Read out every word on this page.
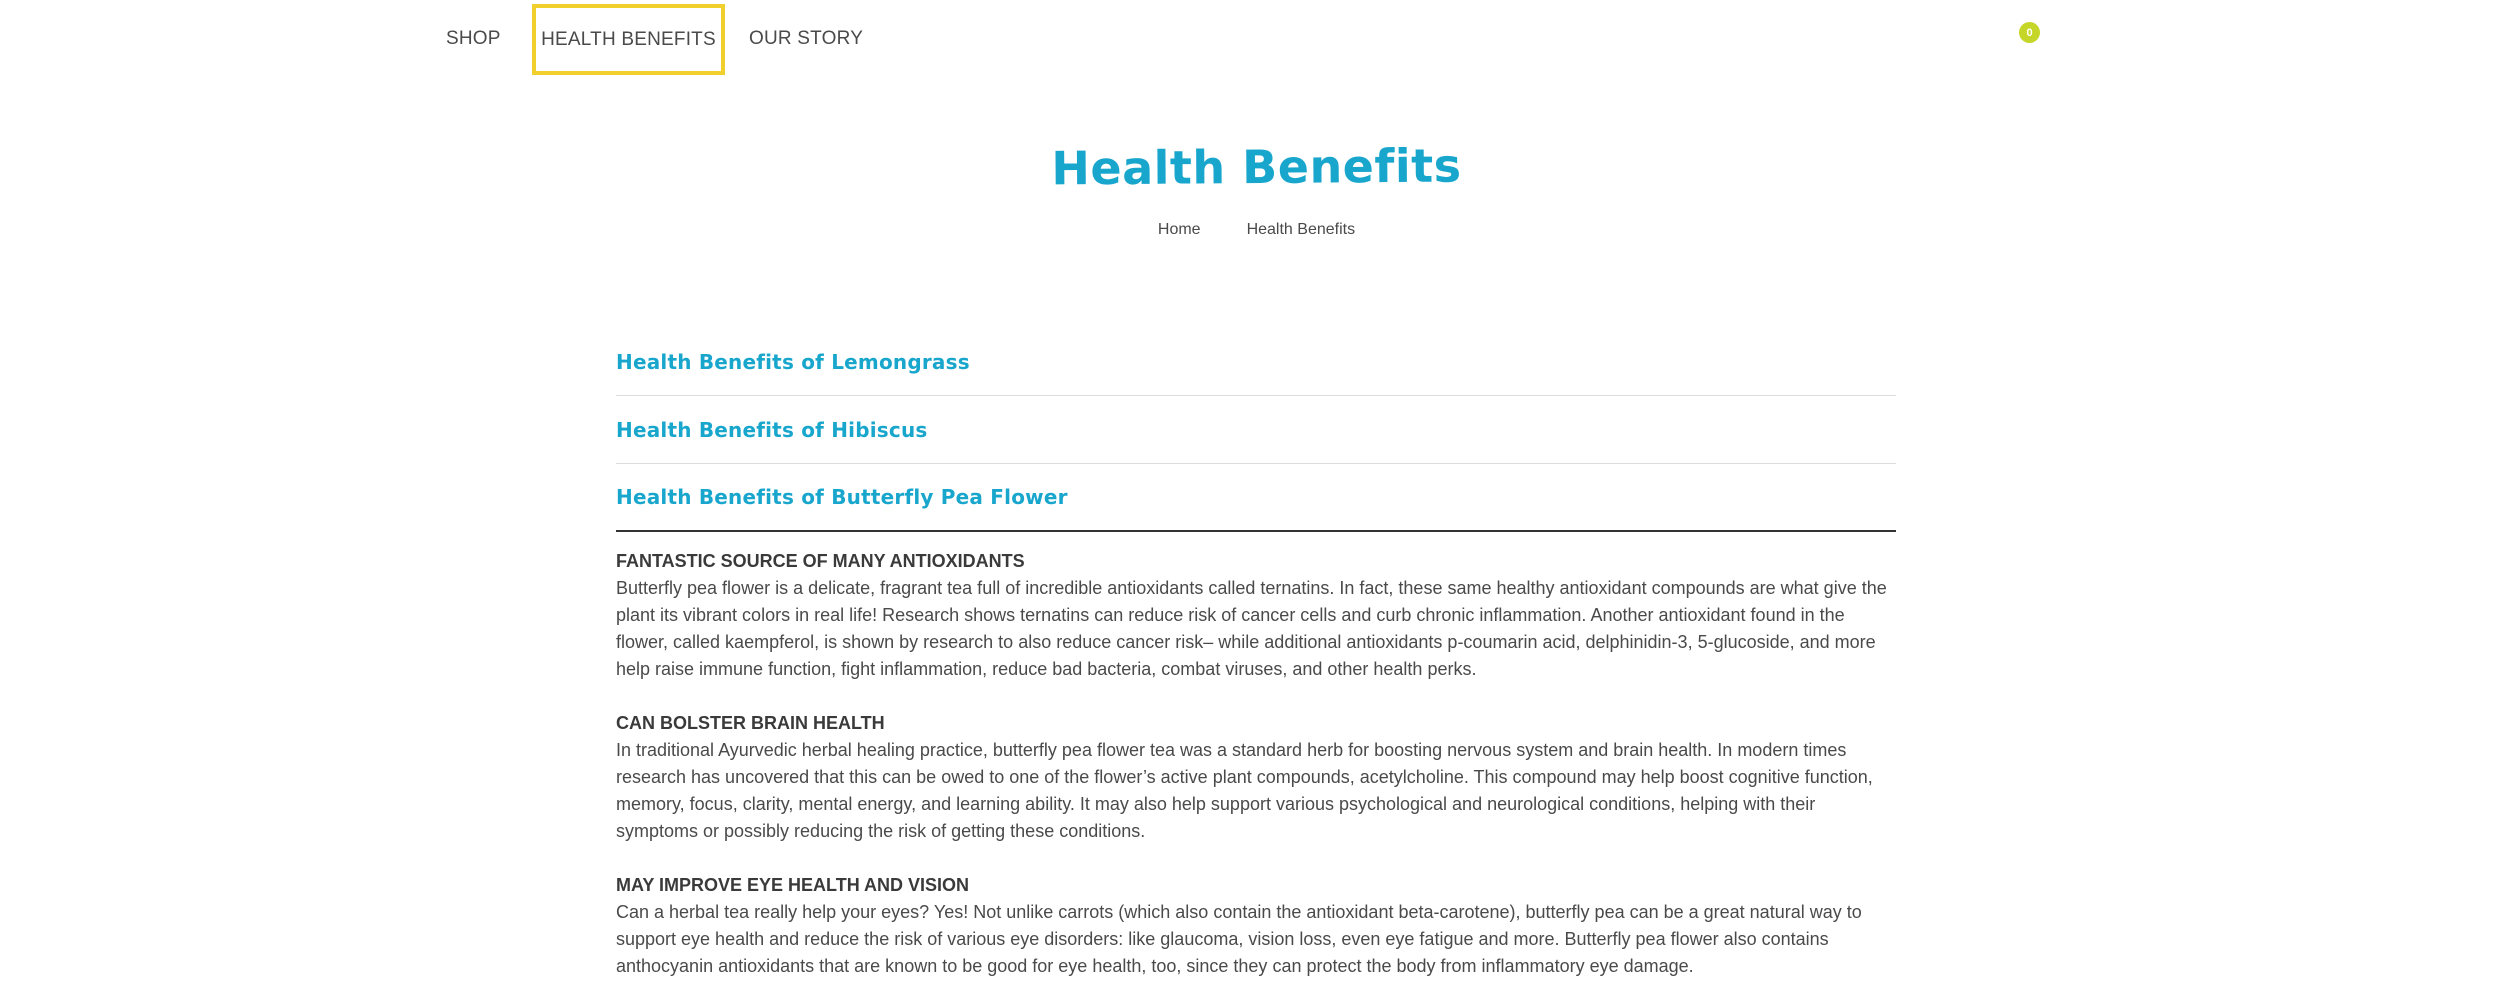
SHOP HEALTH BENEFITS OUR STORY	0
Health Benefits
Home	Health Benefits
Health Benefits of Lemongrass
Health Benefits of Hibiscus
Health Benefits of Butterfly Pea Flower

FANTASTIC SOURCE OF MANY ANTIOXIDANTS

Butterfly pea flower is a delicate, fragrant tea full of incredible antioxidants called ternatins. In fact, these same healthy antioxidant compounds are what give the plant its vibrant colors in real life! Research shows ternatins can reduce risk of cancer cells and curb chronic inflammation. Another antioxidant found in the flower, called kaempferol, is shown by research to also reduce cancer risk– while additional antioxidants p-coumarin acid, delphinidin-3, 5-glucoside, and more help raise immune function, fight inflammation, reduce bad bacteria, combat viruses, and other health perks.

CAN BOLSTER BRAIN HEALTH

In traditional Ayurvedic herbal healing practice, butterfly pea flower tea was a standard herb for boosting nervous system and brain health. In modern times research has uncovered that this can be owed to one of the flower’s active plant compounds, acetylcholine. This compound may help boost cognitive function, memory, focus, clarity, mental energy, and learning ability. It may also help support various psychological and neurological conditions, helping with their symptoms or possibly reducing the risk of getting these conditions.

MAY IMPROVE EYE HEALTH AND VISION

Can a herbal tea really help your eyes? Yes! Not unlike carrots (which also contain the antioxidant beta-carotene), butterfly pea can be a great natural way to support eye health and reduce the risk of various eye disorders: like glaucoma, vision loss, even eye fatigue and more. Butterfly pea flower also contains anthocyanin antioxidants that are known to be good for eye health, too, since they can protect the body from inflammatory eye damage.
